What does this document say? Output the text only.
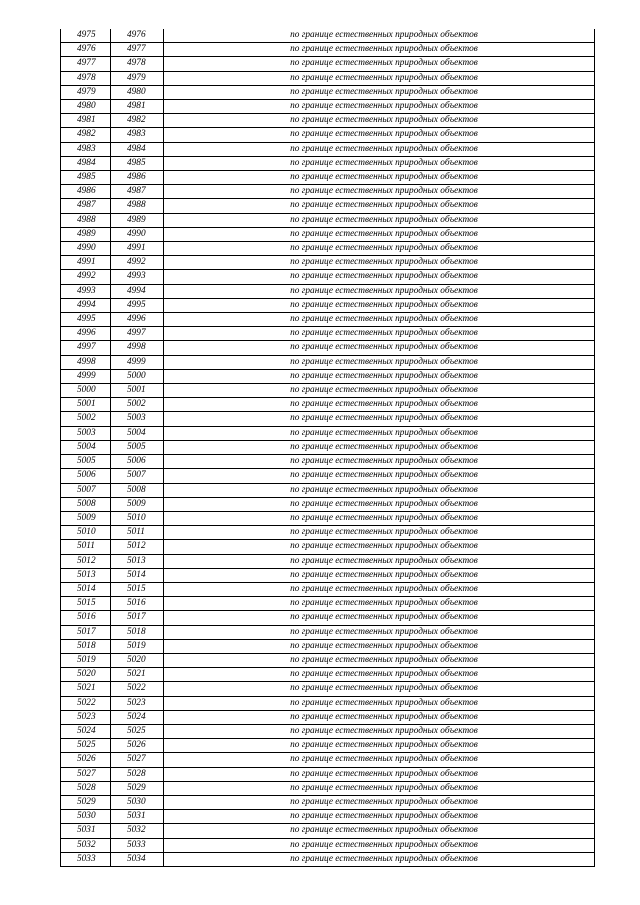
4975	4976	по границе естественных природных объектов
4976	4977	по границе естественных природных объектов
4977	4978	по границе естественных природных объектов
4978	4979	по границе естественных природных объектов
4979	4980	по границе естественных природных объектов
4980	4981	по границе естественных природных объектов
4981	4982	по границе естественных природных объектов
4982	4983	по границе естественных природных объектов
4983	4984	по границе естественных природных объектов
4984	4985	по границе естественных природных объектов
4985	4986	по границе естественных природных объектов
4986	4987	по границе естественных природных объектов
4987	4988	по границе естественных природных объектов
4988	4989	по границе естественных природных объектов
4989	4990	по границе естественных природных объектов
4990	4991	по границе естественных природных объектов
4991	4992	по границе естественных природных объектов
4992	4993	по границе естественных природных объектов
4993	4994	по границе естественных природных объектов
4994	4995	по границе естественных природных объектов
4995	4996	по границе естественных природных объектов
4996	4997	по границе естественных природных объектов
4997	4998	по границе естественных природных объектов
4998	4999	по границе естественных природных объектов
4999	5000	по границе естественных природных объектов
5000	5001	по границе естественных природных объектов
5001	5002	по границе естественных природных объектов
5002	5003	по границе естественных природных объектов
5003	5004	по границе естественных природных объектов
5004	5005	по границе естественных природных объектов
5005	5006	по границе естественных природных объектов
5006	5007	по границе естественных природных объектов
5007	5008	по границе естественных природных объектов
5008	5009	по границе естественных природных объектов
5009	5010	по границе естественных природных объектов
5010	5011	по границе естественных природных объектов
5011	5012	по границе естественных природных объектов
5012	5013	по границе естественных природных объектов
5013	5014	по границе естественных природных объектов
5014	5015	по границе естественных природных объектов
5015	5016	по границе естественных природных объектов
5016	5017	по границе естественных природных объектов
5017	5018	по границе естественных природных объектов
5018	5019	по границе естественных природных объектов
5019	5020	по границе естественных природных объектов
5020	5021	по границе естественных природных объектов
5021	5022	по границе естественных природных объектов
5022	5023	по границе естественных природных объектов
5023	5024	по границе естественных природных объектов
5024	5025	по границе естественных природных объектов
5025	5026	по границе естественных природных объектов
5026	5027	по границе естественных природных объектов
5027	5028	по границе естественных природных объектов
5028	5029	по границе естественных природных объектов
5029	5030	по границе естественных природных объектов
5030	5031	по границе естественных природных объектов
5031	5032	по границе естественных природных объектов
5032	5033	по границе естественных природных объектов
5033	5034	по границе естественных природных объектов
